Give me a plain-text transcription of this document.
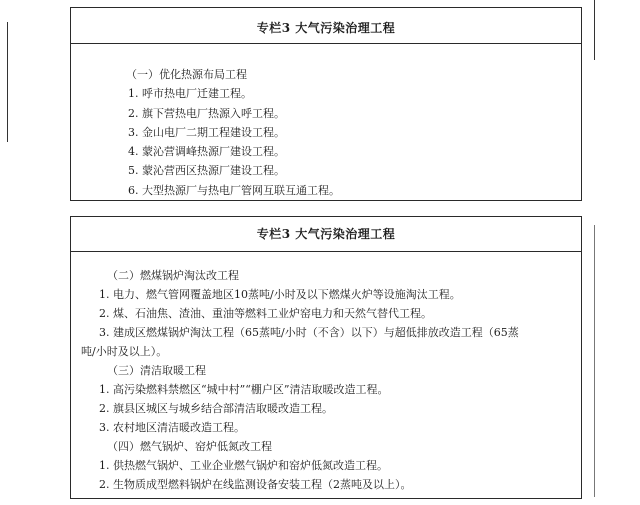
专栏3 大气污染治理工程
（一）优化热源布局工程
1. 呼市热电厂迁建工程。
2. 旗下营热电厂热源入呼工程。
3. 金山电厂二期工程建设工程。
4. 蒙沁营调峰热源厂建设工程。
5. 蒙沁营西区热源厂建设工程。
6. 大型热源厂与热电厂管网互联互通工程。
专栏3 大气污染治理工程
（二）燃煤锅炉淘汰改工程
1. 电力、燃气管网覆盖地区10蒸吨/小时及以下燃煤火炉等设施淘汰工程。
2. 煤、石油焦、渣油、重油等燃料工业炉窑电力和天然气替代工程。
3. 建成区燃煤锅炉淘汰工程（65蒸吨/小时（不含）以下）与超低排放改造工程（65蒸
吨/小时及以上）。
（三）清洁取暖工程
1. 高污染燃料禁燃区“城中村”“棚户区”清洁取暖改造工程。
2. 旗县区城区与城乡结合部清洁取暖改造工程。
3. 农村地区清洁暖改造工程。
（四）燃气锅炉、窑炉低氮改工程
1. 供热燃气锅炉、工业企业燃气锅炉和窑炉低氮改造工程。
2. 生物质成型燃料锅炉在线监测设备安装工程（2蒸吨及以上）。
